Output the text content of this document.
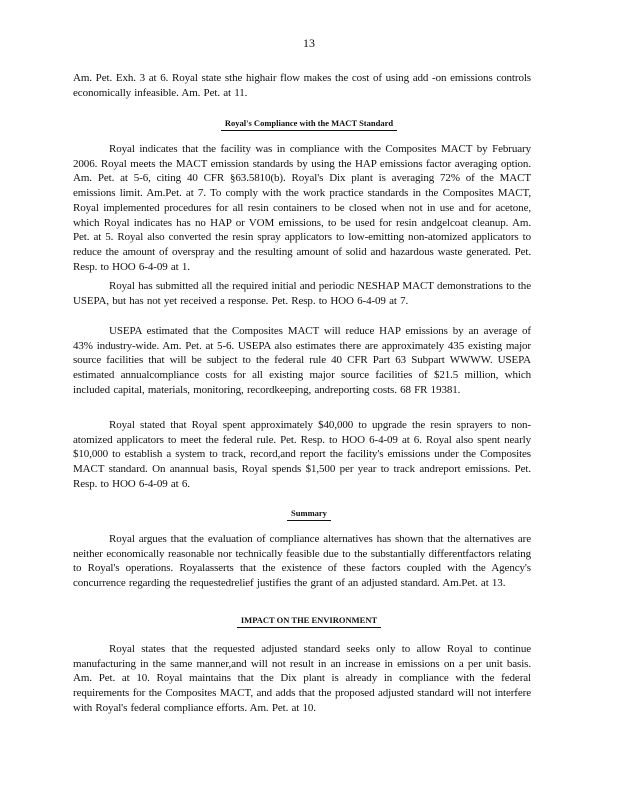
13
Am. Pet. Exh. 3 at 6. Royal state sthe highair flow makes the cost of using add -on emissions controls economically infeasible. Am. Pet. at 11.
Royal's Compliance with the MACT Standard
Royal indicates that the facility was in compliance with the Composites MACT by February 2006. Royal meets the MACT emission standards by using the HAP emissions factor averaging option. Am. Pet. at 5-6, citing 40 CFR §63.5810(b). Royal's Dix plant is averaging 72% of the MACT emissions limit. Am.Pet. at 7. To comply with the work practice standards in the Composites MACT, Royal implemented procedures for all resin containers to be closed when not in use and for acetone, which Royal indicates has no HAP or VOM emissions, to be used for resin andgelcoat cleanup. Am. Pet. at 5. Royal also converted the resin spray applicators to low-emitting non-atomized applicators to reduce the amount of overspray and the resulting amount of solid and hazardous waste generated. Pet. Resp. to HOO 6-4-09 at 1.
Royal has submitted all the required initial and periodic NESHAP MACT demonstrations to the USEPA, but has not yet received a response. Pet. Resp. to HOO 6-4-09 at 7.
USEPA estimated that the Composites MACT will reduce HAP emissions by an average of 43% industry-wide. Am. Pet. at 5-6. USEPA also estimates there are approximately 435 existing major source facilities that will be subject to the federal rule 40 CFR Part 63 Subpart WWWW. USEPA estimated annualcompliance costs for all existing major source facilities of $21.5 million, which included capital, materials, monitoring, recordkeeping, andreporting costs. 68 FR 19381.
Royal stated that Royal spent approximately $40,000 to upgrade the resin sprayers to non-atomized applicators to meet the federal rule. Pet. Resp. to HOO 6-4-09 at 6. Royal also spent nearly $10,000 to establish a system to track, record,and report the facility's emissions under the Composites MACT standard. On anannual basis, Royal spends $1,500 per year to track andreport emissions. Pet. Resp. to HOO 6-4-09 at 6.
Summary
Royal argues that the evaluation of compliance alternatives has shown that the alternatives are neither economically reasonable nor technically feasible due to the substantially differentfactors relating to Royal's operations. Royalasserts that the existence of these factors coupled with the Agency's concurrence regarding the requestedrelief justifies the grant of an adjusted standard. Am.Pet. at 13.
IMPACT ON THE ENVIRONMENT
Royal states that the requested adjusted standard seeks only to allow Royal to continue manufacturing in the same manner,and will not result in an increase in emissions on a per unit basis. Am. Pet. at 10. Royal maintains that the Dix plant is already in compliance with the federal requirements for the Composites MACT, and adds that the proposed adjusted standard will not interfere with Royal's federal compliance efforts. Am. Pet. at 10.
